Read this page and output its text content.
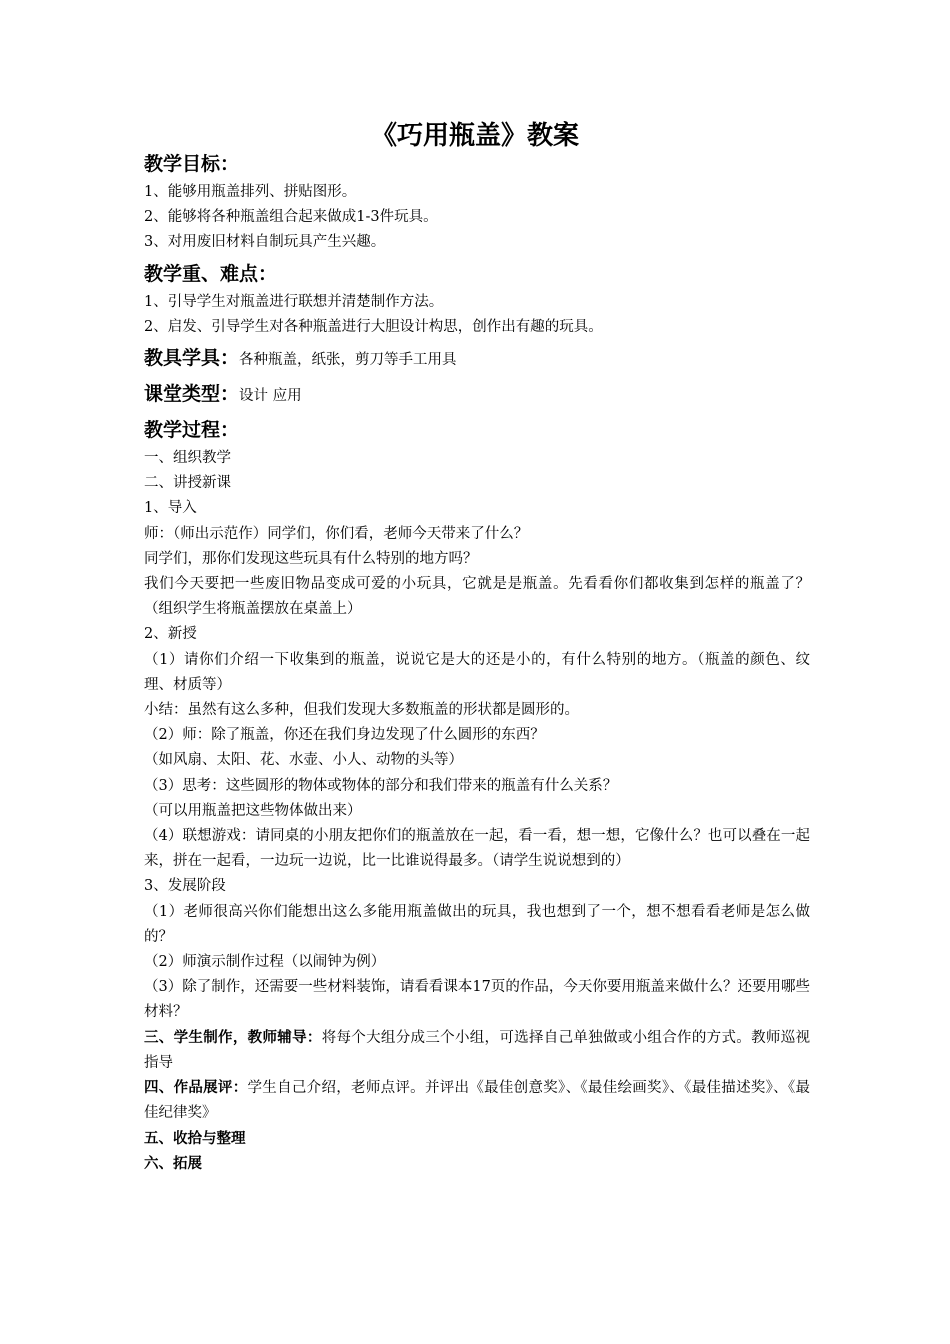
《巧用瓶盖》教案
教学目标：
1、能够用瓶盖排列、拼贴图形。
2、能够将各种瓶盖组合起来做成1-3件玩具。
3、对用废旧材料自制玩具产生兴趣。
教学重、难点：
1、引导学生对瓶盖进行联想并清楚制作方法。
2、启发、引导学生对各种瓶盖进行大胆设计构思，创作出有趣的玩具。
教具学具：各种瓶盖，纸张，剪刀等手工用具
课堂类型：设计 应用
教学过程：
一、组织教学
二、讲授新课
1、导入
师：（师出示范作）同学们，你们看，老师今天带来了什么？
同学们，那你们发现这些玩具有什么特别的地方吗？
我们今天要把一些废旧物品变成可爱的小玩具，它就是是瓶盖。先看看你们都收集到怎样的瓶盖了？（组织学生将瓶盖摆放在桌盖上）
2、新授
（1）请你们介绍一下收集到的瓶盖，说说它是大的还是小的，有什么特别的地方。（瓶盖的颜色、纹理、材质等）
小结：虽然有这么多种，但我们发现大多数瓶盖的形状都是圆形的。
（2）师：除了瓶盖，你还在我们身边发现了什么圆形的东西？
（如风扇、太阳、花、水壶、小人、动物的头等）
（3）思考：这些圆形的物体或物体的部分和我们带来的瓶盖有什么关系？
（可以用瓶盖把这些物体做出来）
（4）联想游戏：请同桌的小朋友把你们的瓶盖放在一起，看一看，想一想，它像什么？也可以叠在一起来，拼在一起看，一边玩一边说，比一比谁说得最多。（请学生说说想到的）
3、发展阶段
（1）老师很高兴你们能想出这么多能用瓶盖做出的玩具，我也想到了一个，想不想看看老师是怎么做的？
（2）师演示制作过程（以闹钟为例）
（3）除了制作，还需要一些材料装饰，请看看课本17页的作品，今天你要用瓶盖来做什么？还要用哪些材料？
三、学生制作，教师辅导：将每个大组分成三个小组，可选择自己单独做或小组合作的方式。教师巡视指导
四、作品展评：学生自己介绍，老师点评。并评出《最佳创意奖》、《最佳绘画奖》、《最佳描述奖》、《最佳纪律奖》
五、收拾与整理
六、拓展
